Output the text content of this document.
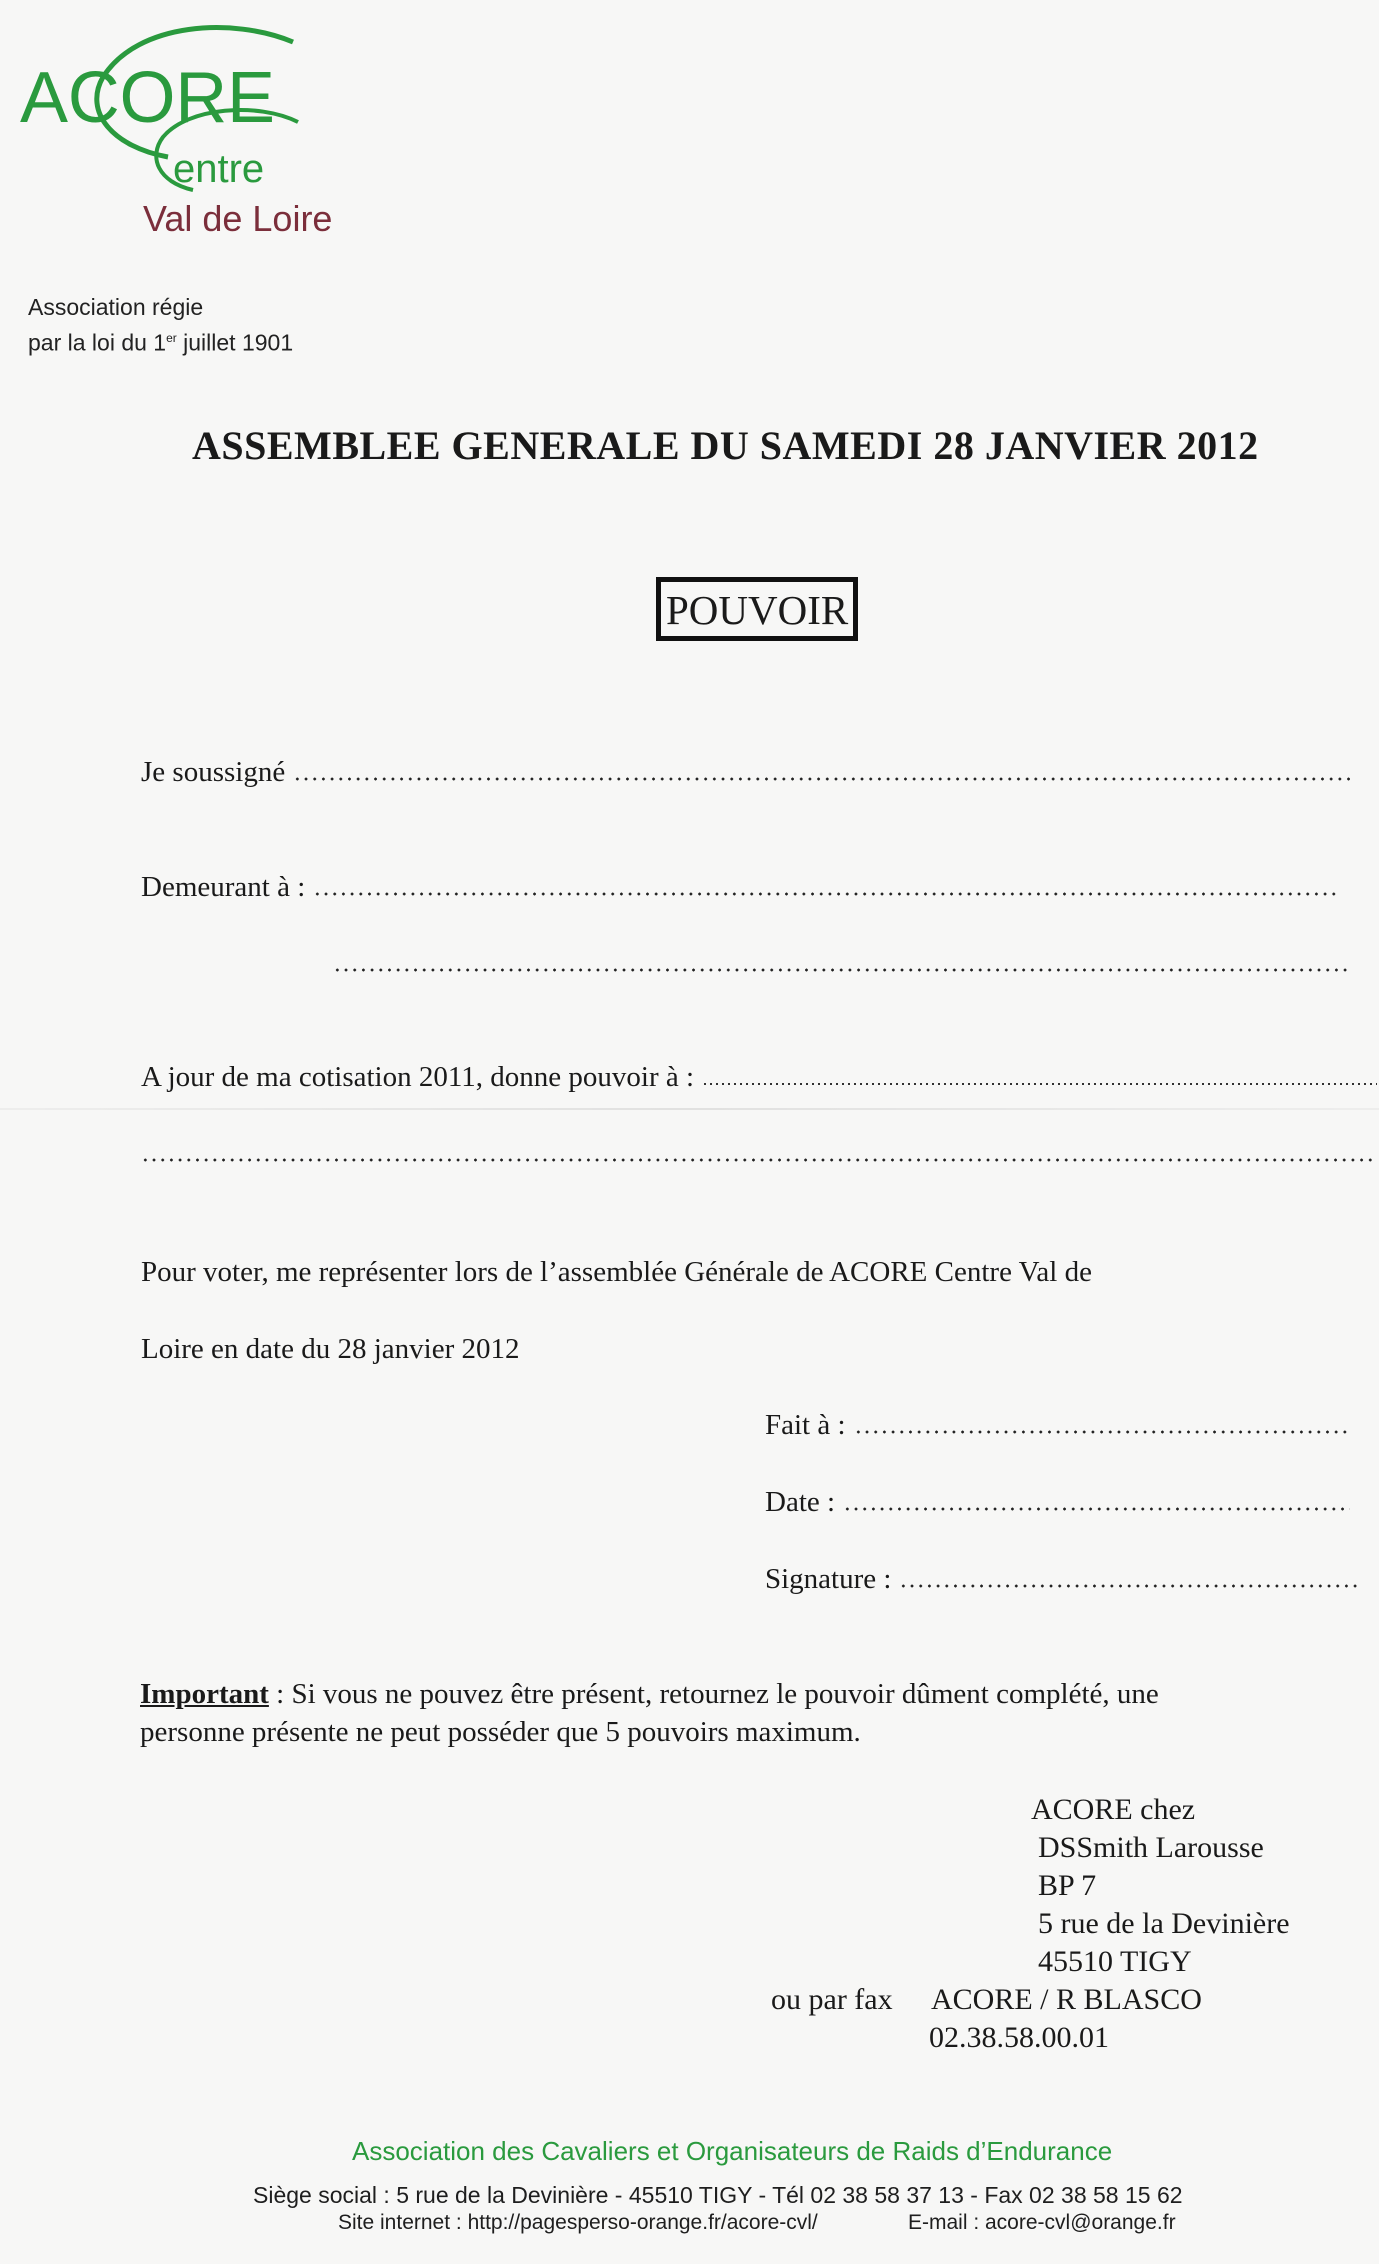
ACORE
entre
Val de Loire
Association régie
par la loi du 1er juillet 1901
ASSEMBLEE GENERALE DU SAMEDI 28 JANVIER 2012
POUVOIR
Je soussigné
Demeurant à :
A jour de ma cotisation 2011, donne pouvoir à :
Pour voter, me représenter lors de l’assemblée Générale de ACORE Centre Val de
Loire en date du 28 janvier 2012
Fait à :
Date :
Signature :
Important : Si vous ne pouvez être présent, retournez le pouvoir dûment complété, une
personne présente ne peut posséder que 5 pouvoirs maximum.
ACORE chez
DSSmith Larousse
BP 7
5 rue de la Devinière
45510 TIGY
ou par fax ACORE / R BLASCO
02.38.58.00.01
Association des Cavaliers et Organisateurs de Raids d’Endurance
Siège social : 5 rue de la Devinière - 45510 TIGY - Tél 02 38 58 37 13 - Fax 02 38 58 15 62
Site internet : http://pagesperso-orange.fr/acore-cvl/	E-mail : acore-cvl@orange.fr
